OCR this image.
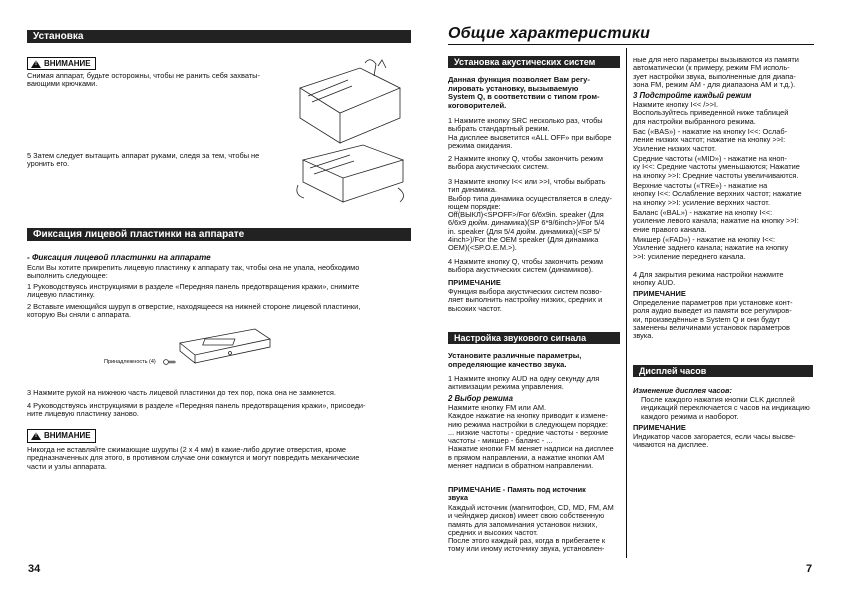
Установка
!
ВНИМАНИЕ
Снимая аппарат, будьте осторожны, чтобы не ранить себя захваты-
вающими крючками.
5 Затем следует вытащить аппарат руками, следя за тем, чтобы не
уронить его.
Фиксация лицевой пластинки на аппарате
- Фиксация лицевой пластинки на аппарате
Если Вы хотите прикрепить лицевую пластинку к аппарату так, чтобы она не упала, необходимо
выполнить следующее:
1 Руководствуясь инструкциями в разделе «Передняя панель предотвращения кражи», снимите
лицевую пластинку.
2 Вставьте имеющийся шуруп в отверстие, находящееся на нижней стороне лицевой пластинки,
которую Вы сняли с аппарата.
Принадлежность (4)
3 Нажмите рукой на нижнюю часть лицевой пластинки до тех пор, пока она не замкнется.
4 Руководствуясь инструкциями в разделе «Передняя панель предотвращения кражи», присоеди-
ните лицевую пластинку заново.
!
ВНИМАНИЕ
Никогда не вставляйте сжимающие шурупы (2 x 4 мм) в какие-либо другие отверстия, кроме
предназначенных для этого, в противном случае они сожмутся и могут повредить механические
части и узлы аппарата.
34
Общие характеристики
Установка акустических систем
Данная функция позволяет Вам регу-
лировать установку, вызываемую
System Q, в соответствии с типом гром-
коговорителей.
1 Нажмите кнопку SRC несколько раз, чтобы
выбрать стандартный режим.
На дисплее высветится «ALL OFF» при выборе
режима ожидания.
2 Нажмите кнопку Q, чтобы закончить режим
выбора акустических систем.
3 Нажмите кнопку I<< или >>I, чтобы выбрать
тип динамика.
Выбор типа динамика осуществляется в следу-
ющем порядке:
Off(ВЫКЛ)<SPOFF>/For 6/6x9in. speaker (Для
6/6x9 дюйм. динамика)(SP 6*9/6inch>)/For 5/4
in. speaker (Для 5/4 дюйм. динамика)(<SP 5/
4inch>)/For the OEM speaker (Для динамика
OEM)(<SP.O.E.M.>).
4 Нажмите кнопку Q, чтобы закончить режим
выбора акустических систем (динамиков).
ПРИМЕЧАНИЕ
Функция выбора акустических систем позво-
ляет выполнить настройку низких, средних и
высоких частот.
Настройка звукового сигнала
Установите различные параметры,
определяющие качество звука.
1 Нажмите кнопку AUD на одну секунду для
активизации режима управления.
2 Выбор режима
Нажмите кнопку FM или AM.
Каждое нажатие на кнопку приводит к измене-
нию режима настройки в следующем порядке:
... низкие частоты - средние частоты - верхние
частоты - микшер - баланс - ...
Нажатие кнопки FM меняет надписи на дисплее
в прямом направлении, а нажатие кнопки AM
меняет надписи в обратном направлении.
ПРИМЕЧАНИЕ - Память под источник
звука
Каждый источник (магнитофон, CD, MD, FM, AM
и чейнджер дисков) имеет свою собственную
память для запоминания установок низких,
средних и высоких частот.
После этого каждый раз, когда в прибегаете к
тому или иному источнику звука, установлен-
ные для него параметры вызываются из памяти
автоматически (к примеру, режим FM исполь-
зует настройки звука, выполненные для диапа-
зона FM, режим AM - для диапазона AM и т.д.).
3 Подстройте каждый режим
Нажмите кнопку I<< />>I.
Воспользуйтесь приведенной ниже таблицей
для настройки выбранного режима.
Бас («BAS») - нажатие на кнопку I<<: Ослаб-
ление низких частот; нажатие на кнопку >>I:
Усиление низких частот.
Средние частоты («MID») - нажатие на кноп-
ку I<<: Средние частоты уменьшаются; Нажатие
на кнопку >>I: Средние частоты увеличиваются.
Верхние частоты («TRE») - нажатие на
кнопку I<<: Ослабление верхних частот; нажатие
на кнопку >>I: усиление верхних частот.
Баланс («BAL») - нажатие на кнопку I<<:
усиление левого канала; нажатие на кнопку >>I:
ение правого канала.
Микшер («FAD») - нажатие на кнопку I<<:
Усиление заднего канала; нажатие на кнопку
>>I: усиление переднего канала.
4 Для закрытия режима настройки нажмите
кнопку AUD.
ПРИМЕЧАНИЕ
Определение параметров при установке конт-
роля аудио выведет из памяти все регулиров-
ки, произведённые в System Q и они будут
заменены величинами установок параметров
звука.
Дисплей часов
Изменение дисплея часов:
После каждого нажатия кнопки CLK дисплей
индикаций переключается с часов на индикацию
каждого режима и наоборот.
ПРИМЕЧАНИЕ
Индикатор часов загорается, если часы высве-
чиваются на дисплее.
7
